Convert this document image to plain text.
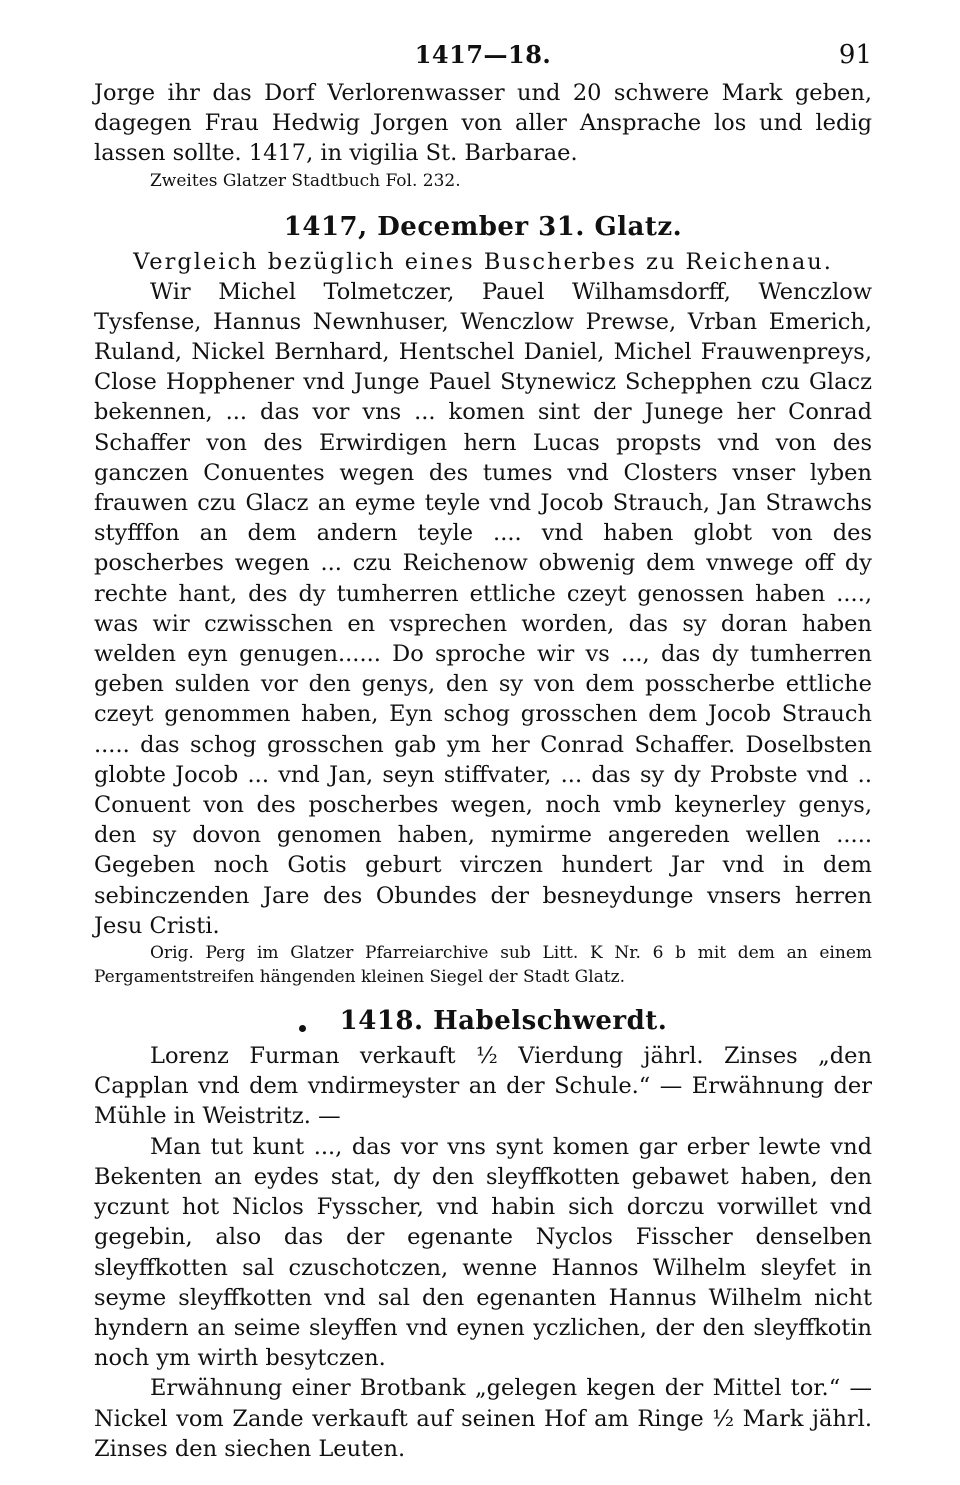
1417—18.	91

Jorge ihr das Dorf Verlorenwasser und 20 schwere Mark geben, dagegen Frau Hedwig Jorgen von aller Ansprache los und ledig lassen sollte. 1417, in vigilia St. Barbarae.

Zweites Glatzer Stadtbuch Fol. 232.

1417, December 31. Glatz.

Vergleich bezüglich eines Buscherbes zu Reichenau.

Wir Michel Tolmetczer, Pauel Wilhamsdorff, Wenczlow Tysfense, Hannus Newnhuser, Wenczlow Prewse, Vrban Emerich, Ruland, Nickel Bernhard, Hentschel Daniel, Michel Frauwenpreys, Close Hopphener vnd Junge Pauel Stynewicz Schepphen czu Glacz bekennen, ... das vor vns ... komen sint der Junege her Conrad Schaffer von des Erwirdigen hern Lucas propsts vnd von des ganczen Conuentes wegen des tumes vnd Closters vnser lyben frauwen czu Glacz an eyme teyle vnd Jocob Strauch, Jan Strawchs styfffon an dem andern teyle .... vnd haben globt von des poscherbes wegen ... czu Reichenow obwenig dem vnwege off dy rechte hant, des dy tumherren ettliche czeyt genossen haben ...., was wir czwisschen en vsprechen worden, das sy doran haben welden eyn genugen...... Do sproche wir vs ..., das dy tumherren geben sulden vor den genys, den sy von dem posscherbe ettliche czeyt genommen haben, Eyn schog grosschen dem Jocob Strauch ..... das schog grosschen gab ym her Conrad Schaffer. Doselbsten globte Jocob ... vnd Jan, seyn stiffvater, ... das sy dy Probste vnd .. Conuent von des poscherbes wegen, noch vmb keynerley genys, den sy dovon genomen haben, nymirme angereden wellen ..... Gegeben noch Gotis geburt virczen hundert Jar vnd in dem sebinczenden Jare des Obundes der besneydunge vnsers herren Jesu Cristi.

Orig. Perg im Glatzer Pfarreiarchive sub Litt. K Nr. 6 b mit dem an einem Pergamentstreifen hängenden kleinen Siegel der Stadt Glatz.

1418. Habelschwerdt.

Lorenz Furman verkauft ½ Vierdung jährl. Zinses „den Capplan vnd dem vndirmeyster an der Schule.“ — Erwähnung der Mühle in Weistritz. —

Man tut kunt ..., das vor vns synt komen gar erber lewte vnd Bekenten an eydes stat, dy den sleyffkotten gebawet haben, den yczunt hot Niclos Fysscher, vnd habin sich dorczu vorwillet vnd gegebin, also das der egenante Nyclos Fisscher denselben sleyffkotten sal czuschotczen, wenne Hannos Wilhelm sleyfet in seyme sleyffkotten vnd sal den egenanten Hannus Wilhelm nicht hyndern an seime sleyffen vnd eynen yczlichen, der den sleyffkotin noch ym wirth besytczen.

Erwähnung einer Brotbank „gelegen kegen der Mittel tor.“ — Nickel vom Zande verkauft auf seinen Hof am Ringe ½ Mark jährl. Zinses den siechen Leuten.
